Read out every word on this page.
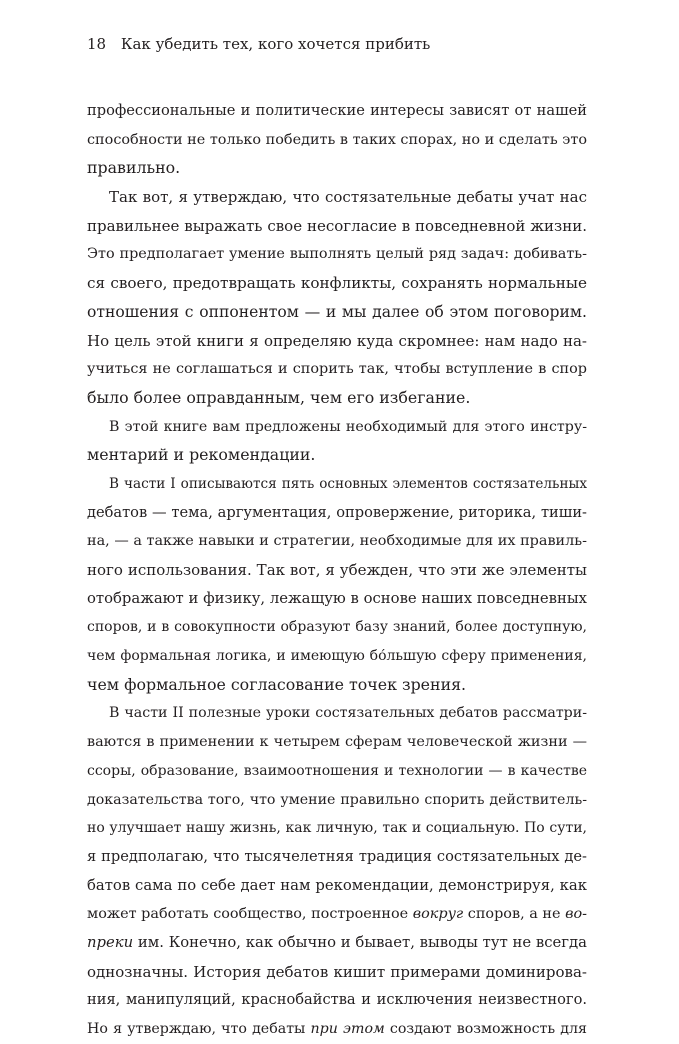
18 Как убедить тех, кого хочется прибить
профессиональные и политические интересы зависят от нашей
способности не только победить в таких спорах, но и сделать это
правильно.
Так вот, я утверждаю, что состязательные дебаты учат нас
правильнее выражать свое несогласие в повседневной жизни.
Это предполагает умение выполнять целый ряд задач: добивать-
ся своего, предотвращать конфликты, сохранять нормальные
отношения с оппонентом — и мы далее об этом поговорим.
Но цель этой книги я определяю куда скромнее: нам надо на-
учиться не соглашаться и спорить так, чтобы вступление в спор
было более оправданным, чем его избегание.
В этой книге вам предложены необходимый для этого инстру-
ментарий и рекомендации.
В части I описываются пять основных элементов состязательных
дебатов — тема, аргументация, опровержение, риторика, тиши-
на, — а также навыки и стратегии, необходимые для их правиль-
ного использования. Так вот, я убежден, что эти же элементы
отображают и физику, лежащую в основе наших повседневных
споров, и в совокупности образуют базу знаний, более доступную,
чем формальная логика, и имеющую бо́льшую сферу применения,
чем формальное согласование точек зрения.
В части II полезные уроки состязательных дебатов рассматри-
ваются в применении к четырем сферам человеческой жизни —
ссоры, образование, взаимоотношения и технологии — в качестве
доказательства того, что умение правильно спорить действитель-
но улучшает нашу жизнь, как личную, так и социальную. По сути,
я предполагаю, что тысячелетняя традиция состязательных де-
батов сама по себе дает нам рекомендации, демонстрируя, как
может работать сообщество, построенное вокруг споров, а не во-
преки им. Конечно, как обычно и бывает, выводы тут не всегда
однозначны. История дебатов кишит примерами доминирова-
ния, манипуляций, краснобайства и исключения неизвестного.
Но я утверждаю, что дебаты при этом создают возможность для
